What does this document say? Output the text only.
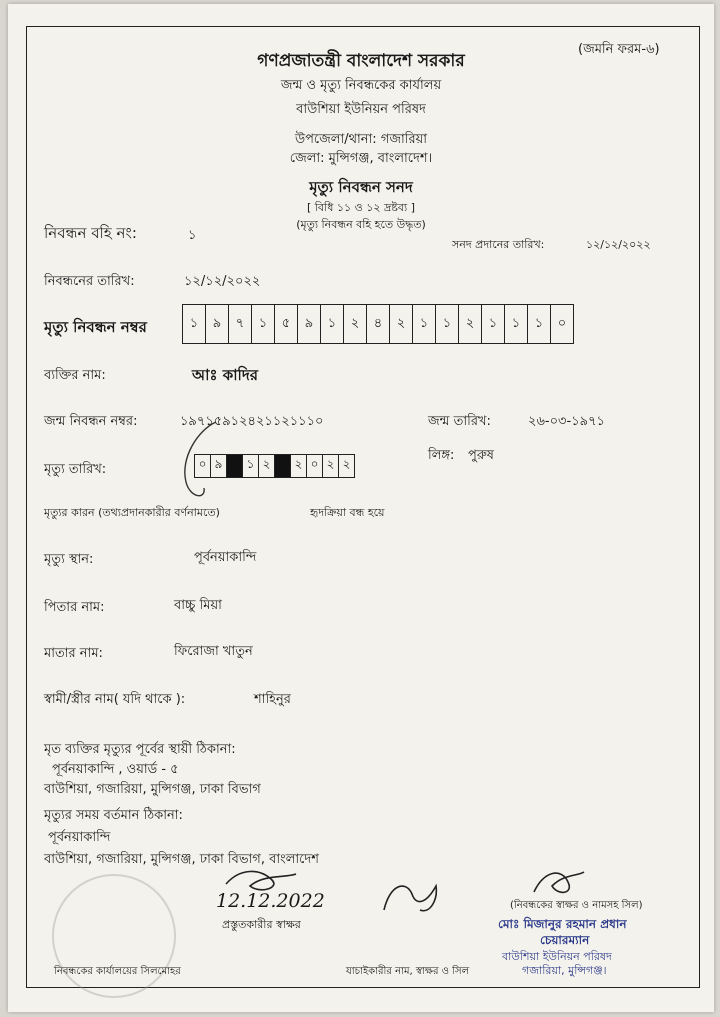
(জমনি ফরম-৬)
গণপ্রজাতন্ত্রী বাংলাদেশ সরকার
জন্ম ও মৃত্যু নিবন্ধকের কার্যালয়
বাউশিয়া ইউনিয়ন পরিষদ
উপজেলা/থানা: গজারিয়া
জেলা: মুন্সিগঞ্জ, বাংলাদেশ।
মৃত্যু নিবন্ধন সনদ
[ বিধি ১১ ও ১২ দ্রষ্টব্য ]
(মৃত্যু নিবন্ধন বহি হতে উদ্ধৃত)
নিবন্ধন বহি নং:	১
সনদ প্রদানের তারিখ:	১২/১২/২০২২
নিবন্ধনের তারিখ:	১২/১২/২০২২
মৃত্যু নিবন্ধন নম্বর	১	৯	৭	১	৫	৯	১	২	৪	২	১	১	২	১	১	১	০
ব্যক্তির নাম:	আঃ কাদির
জন্ম নিবন্ধন নম্বর:	১৯৭১৫৯১২৪২১১২১১১০	জন্ম তারিখ:	২৬-০৩-১৯৭১
লিঙ্গ: পুরুষ
মৃত্যু তারিখ:	০ ৯	১ ২	২ ০ ২ ২
মৃত্যুর কারন (তথ্যপ্রদানকারীর বর্ণনামতে)	হৃদক্রিয়া বন্ধ হয়ে
মৃত্যু স্থান:	পূর্বনয়াকান্দি
পিতার নাম:	বাচ্চু মিয়া
মাতার নাম:	ফিরোজা খাতুন
স্বামী/স্ত্রীর নাম( যদি থাকে ):	শাহিনুর
মৃত ব্যক্তির মৃত্যুর পূর্বের স্থায়ী ঠিকানা:
পূর্বনয়াকান্দি , ওয়ার্ড - ৫
বাউশিয়া, গজারিয়া, মুন্সিগঞ্জ, ঢাকা বিভাগ
মৃত্যুর সময় বর্তমান ঠিকানা:
পূর্বনয়াকান্দি
বাউশিয়া, গজারিয়া, মুন্সিগঞ্জ, ঢাকা বিভাগ, বাংলাদেশ
12.12.2022
প্রস্তুতকারীর স্বাক্ষর
(নিবন্ধকের স্বাক্ষর ও নামসহ সিল)
মোঃ মিজানুর রহমান প্রধান
চেয়ারম্যান
বাউশিয়া ইউনিয়ন পরিষদ
গজারিয়া, মুন্সিগঞ্জ।
নিবন্ধকের কার্যালয়ের সিলমোহর	যাচাইকারীর নাম, স্বাক্ষর ও সিল
